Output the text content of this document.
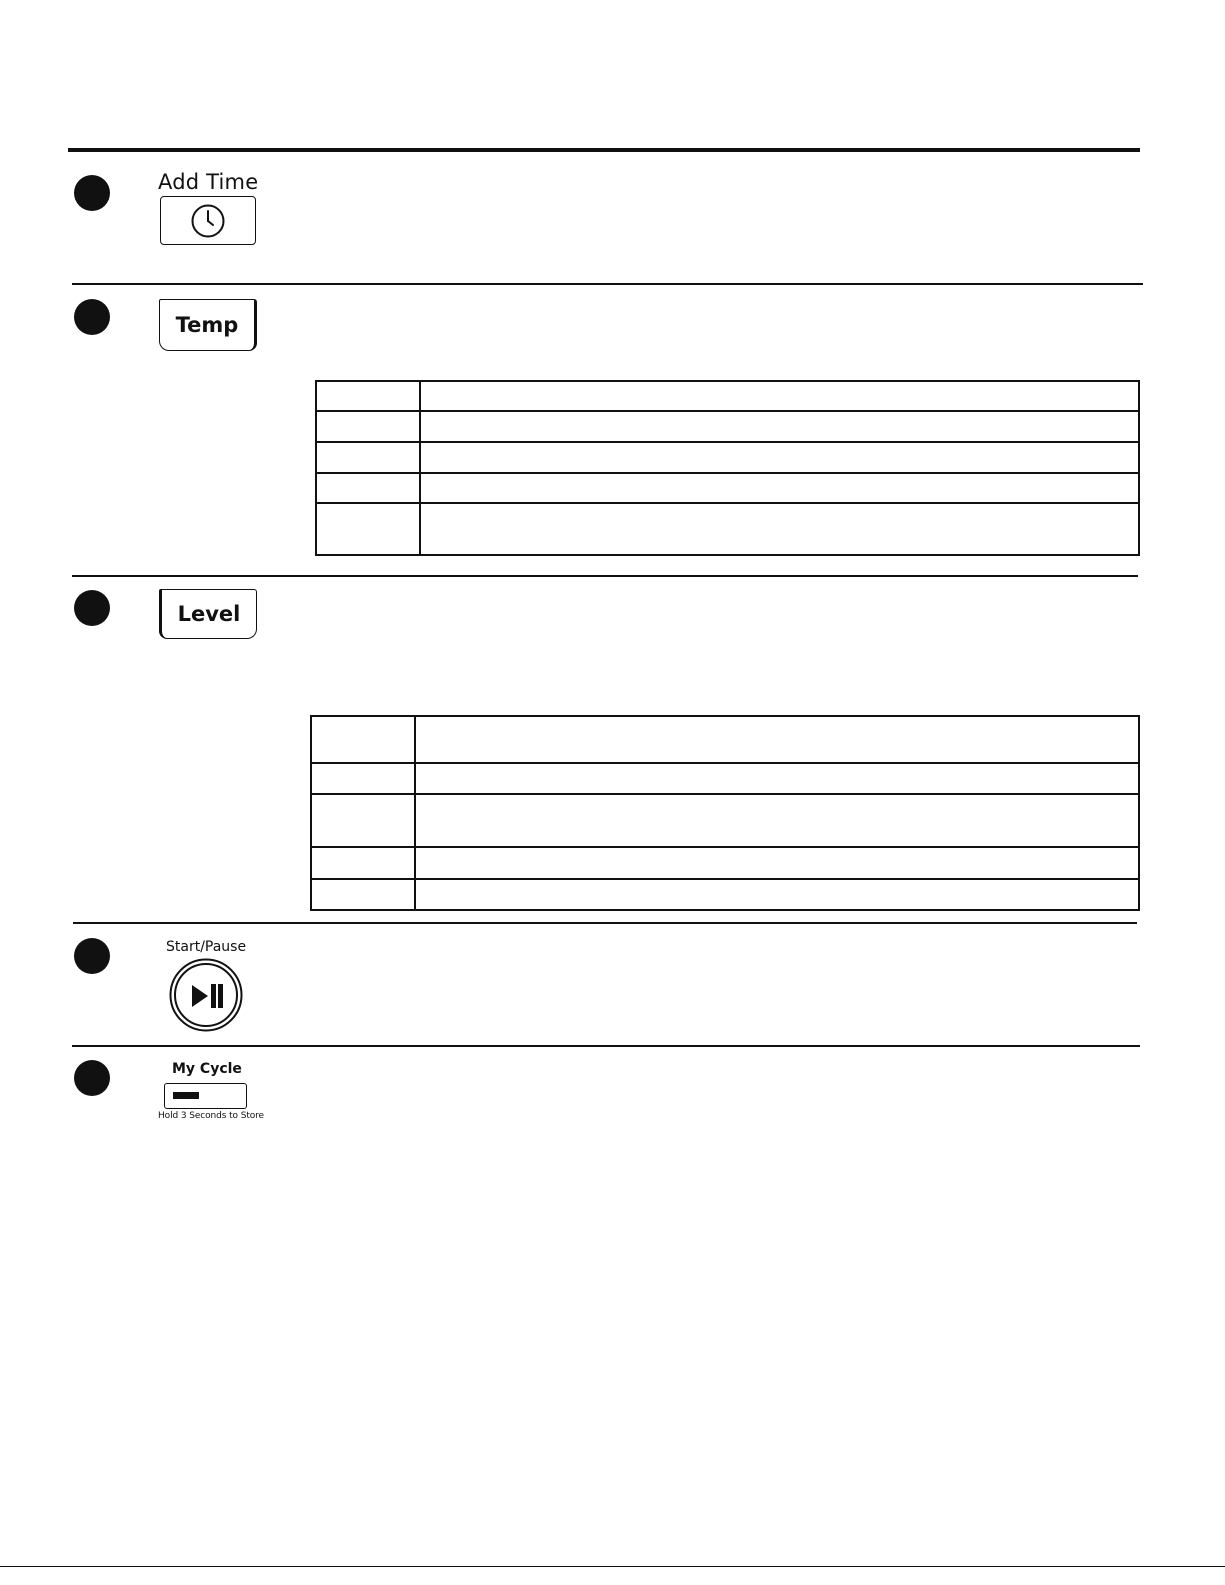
Add Time
Temp

Level

Start/Pause
My Cycle
Hold 3 Seconds to Store
